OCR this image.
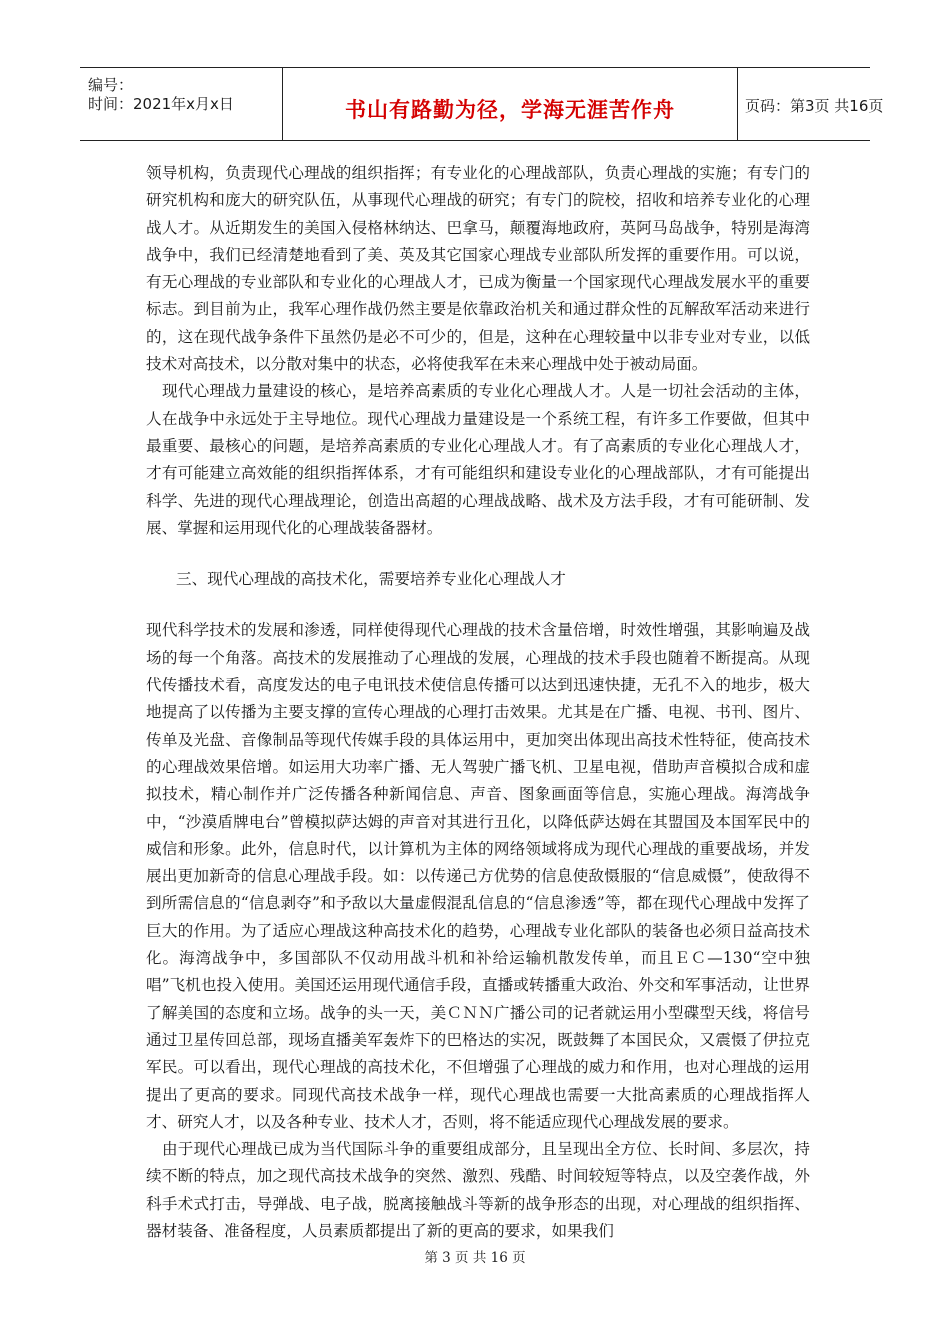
编号：
时间：2021年x月x日	书山有路勤为径，学海无涯苦作舟	页码：第3页 共16页

领导机构，负责现代心理战的组织指挥；有专业化的心理战部队，负责心理战的实施；有专门的研究机构和庞大的研究队伍，从事现代心理战的研究；有专门的院校，招收和培养专业化的心理战人才。从近期发生的美国入侵格林纳达、巴拿马，颠覆海地政府，英阿马岛战争，特别是海湾战争中，我们已经清楚地看到了美、英及其它国家心理战专业部队所发挥的重要作用。可以说，有无心理战的专业部队和专业化的心理战人才，已成为衡量一个国家现代心理战发展水平的重要标志。到目前为止，我军心理作战仍然主要是依靠政治机关和通过群众性的瓦解敌军活动来进行的，这在现代战争条件下虽然仍是必不可少的，但是，这种在心理较量中以非专业对专业，以低技术对高技术，以分散对集中的状态，必将使我军在未来心理战中处于被动局面。

现代心理战力量建设的核心，是培养高素质的专业化心理战人才。人是一切社会活动的主体，人在战争中永远处于主导地位。现代心理战力量建设是一个系统工程，有许多工作要做，但其中最重要、最核心的问题，是培养高素质的专业化心理战人才。有了高素质的专业化心理战人才，才有可能建立高效能的组织指挥体系，才有可能组织和建设专业化的心理战部队，才有可能提出科学、先进的现代心理战理论，创造出高超的心理战战略、战术及方法手段，才有可能研制、发展、掌握和运用现代化的心理战装备器材。

三、现代心理战的高技术化，需要培养专业化心理战人才

现代科学技术的发展和渗透，同样使得现代心理战的技术含量倍增，时效性增强，其影响遍及战场的每一个角落。高技术的发展推动了心理战的发展，心理战的技术手段也随着不断提高。从现代传播技术看，高度发达的电子电讯技术使信息传播可以达到迅速快捷，无孔不入的地步，极大地提高了以传播为主要支撑的宣传心理战的心理打击效果。尤其是在广播、电视、书刊、图片、传单及光盘、音像制品等现代传媒手段的具体运用中，更加突出体现出高技术性特征，使高技术的心理战效果倍增。如运用大功率广播、无人驾驶广播飞机、卫星电视，借助声音模拟合成和虚拟技术，精心制作并广泛传播各种新闻信息、声音、图象画面等信息，实施心理战。海湾战争中，“沙漠盾牌电台”曾模拟萨达姆的声音对其进行丑化，以降低萨达姆在其盟国及本国军民中的威信和形象。此外，信息时代，以计算机为主体的网络领域将成为现代心理战的重要战场，并发展出更加新奇的信息心理战手段。如：以传递己方优势的信息使敌慑服的“信息威慑”，使敌得不到所需信息的“信息剥夺”和予敌以大量虚假混乱信息的“信息渗透”等，都在现代心理战中发挥了巨大的作用。为了适应心理战这种高技术化的趋势，心理战专业化部队的装备也必须日益高技术化。海湾战争中，多国部队不仅动用战斗机和补给运输机散发传单，而且ＥＣ—130“空中独唱”飞机也投入使用。美国还运用现代通信手段，直播或转播重大政治、外交和军事活动，让世界了解美国的态度和立场。战争的头一天，美ＣＮＮ广播公司的记者就运用小型碟型天线，将信号通过卫星传回总部，现场直播美军轰炸下的巴格达的实况，既鼓舞了本国民众，又震慑了伊拉克军民。可以看出，现代心理战的高技术化，不但增强了心理战的威力和作用，也对心理战的运用提出了更高的要求。同现代高技术战争一样，现代心理战也需要一大批高素质的心理战指挥人才、研究人才，以及各种专业、技术人才，否则，将不能适应现代心理战发展的要求。

由于现代心理战已成为当代国际斗争的重要组成部分，且呈现出全方位、长时间、多层次，持续不断的特点，加之现代高技术战争的突然、激烈、残酷、时间较短等特点，以及空袭作战，外科手术式打击，导弹战、电子战，脱离接触战斗等新的战争形态的出现，对心理战的组织指挥、器材装备、准备程度，人员素质都提出了新的更高的要求，如果我们

第 3 页 共 16 页
